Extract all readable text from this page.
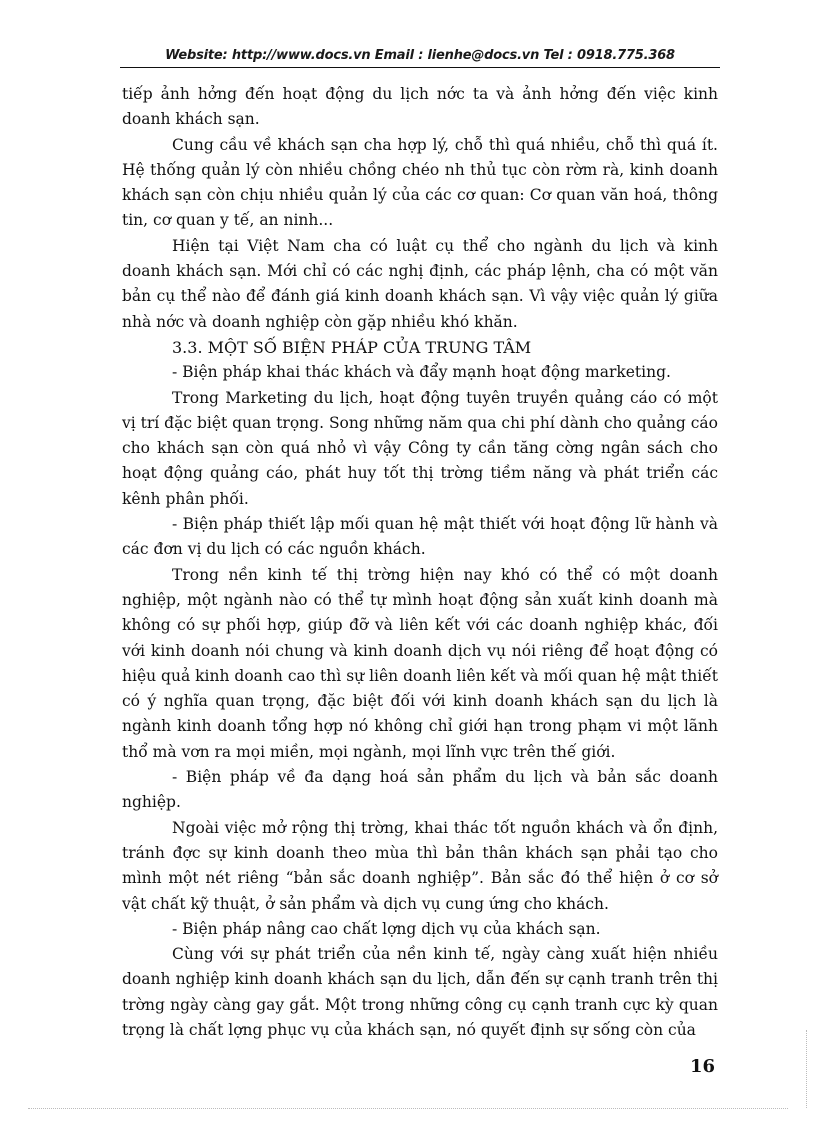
Website: http://www.docs.vn Email : lienhe@docs.vn Tel : 0918.775.368

tiếp ảnh hởng đến hoạt động du lịch nớc ta và ảnh hởng đến việc kinh doanh khách sạn.

Cung cầu về khách sạn cha hợp lý, chỗ thì quá nhiều, chỗ thì quá ít. Hệ thống quản lý còn nhiều chồng chéo nh thủ tục còn rờm rà, kinh doanh khách sạn còn chịu nhiều quản lý của các cơ quan: Cơ quan văn hoá, thông tin, cơ quan y tế, an ninh...

Hiện tại Việt Nam cha có luật cụ thể cho ngành du lịch và kinh doanh khách sạn. Mới chỉ có các nghị định, các pháp lệnh, cha có một văn bản cụ thể nào để đánh giá kinh doanh khách sạn. Vì vậy việc quản lý giữa nhà nớc và doanh nghiệp còn gặp nhiều khó khăn.

3.3. MỘT SỐ BIỆN PHÁP CỦA TRUNG TÂM

- Biện pháp khai thác khách và đẩy mạnh hoạt động marketing.

Trong Marketing du lịch, hoạt động tuyên truyền quảng cáo có một vị trí đặc biệt quan trọng. Song những năm qua chi phí dành cho quảng cáo cho khách sạn còn quá nhỏ vì vậy Công ty cần tăng cờng ngân sách cho hoạt động quảng cáo, phát huy tốt thị trờng tiềm năng và phát triển các kênh phân phối.

- Biện pháp thiết lập mối quan hệ mật thiết với hoạt động lữ hành và các đơn vị du lịch có các nguồn khách.

Trong nền kinh tế thị trờng hiện nay khó có thể có một doanh nghiệp, một ngành nào có thể tự mình hoạt động sản xuất kinh doanh mà không có sự phối hợp, giúp đỡ và liên kết với các doanh nghiệp khác, đối với kinh doanh nói chung và kinh doanh dịch vụ nói riêng để hoạt động có hiệu quả kinh doanh cao thì sự liên doanh liên kết và mối quan hệ mật thiết có ý nghĩa quan trọng, đặc biệt đối với kinh doanh khách sạn du lịch là ngành kinh doanh tổng hợp nó không chỉ giới hạn trong phạm vi một lãnh thổ mà vơn ra mọi miền, mọi ngành, mọi lĩnh vực trên thế giới.

- Biện pháp về đa dạng hoá sản phẩm du lịch và bản sắc doanh nghiệp.

Ngoài việc mở rộng thị trờng, khai thác tốt nguồn khách và ổn định, tránh đợc sự kinh doanh theo mùa thì bản thân khách sạn phải tạo cho mình một nét riêng “bản sắc doanh nghiệp”. Bản sắc đó thể hiện ở cơ sở vật chất kỹ thuật, ở sản phẩm và dịch vụ cung ứng cho khách.

- Biện pháp nâng cao chất lợng dịch vụ của khách sạn.

Cùng với sự phát triển của nền kinh tế, ngày càng xuất hiện nhiều doanh nghiệp kinh doanh khách sạn du lịch, dẫn đến sự cạnh tranh trên thị trờng ngày càng gay gắt. Một trong những công cụ cạnh tranh cực kỳ quan trọng là chất lợng phục vụ của khách sạn, nó quyết định sự sống còn của

16
